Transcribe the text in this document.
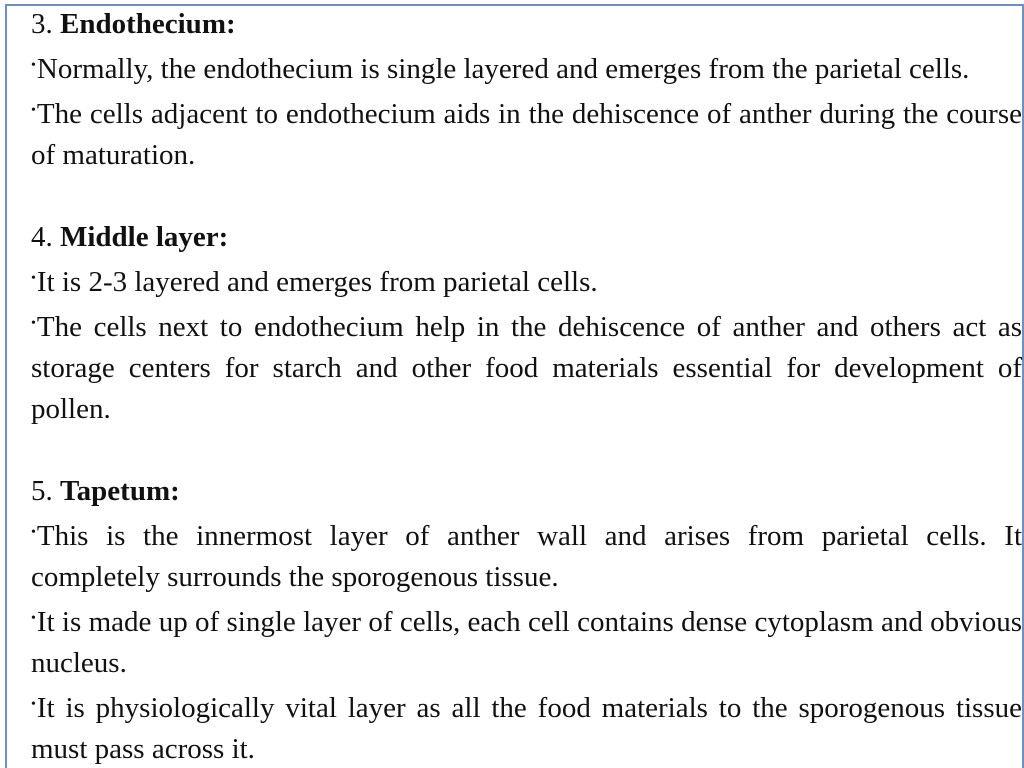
3. Endothecium:

•Normally, the endothecium is single layered and emerges from the parietal cells.

•The cells adjacent to endothecium aids in the dehiscence of anther during the course of maturation.

4. Middle layer:

•It is 2-3 layered and emerges from parietal cells.

•The cells next to endothecium help in the dehiscence of anther and others act as storage centers for starch and other food materials essential for development of pollen.

5. Tapetum:

•This is the innermost layer of anther wall and arises from parietal cells. It completely surrounds the sporogenous tissue.

•It is made up of single layer of cells, each cell contains dense cytoplasm and obvious nucleus.

•It is physiologically vital layer as all the food materials to the sporogenous tissue must pass across it.
